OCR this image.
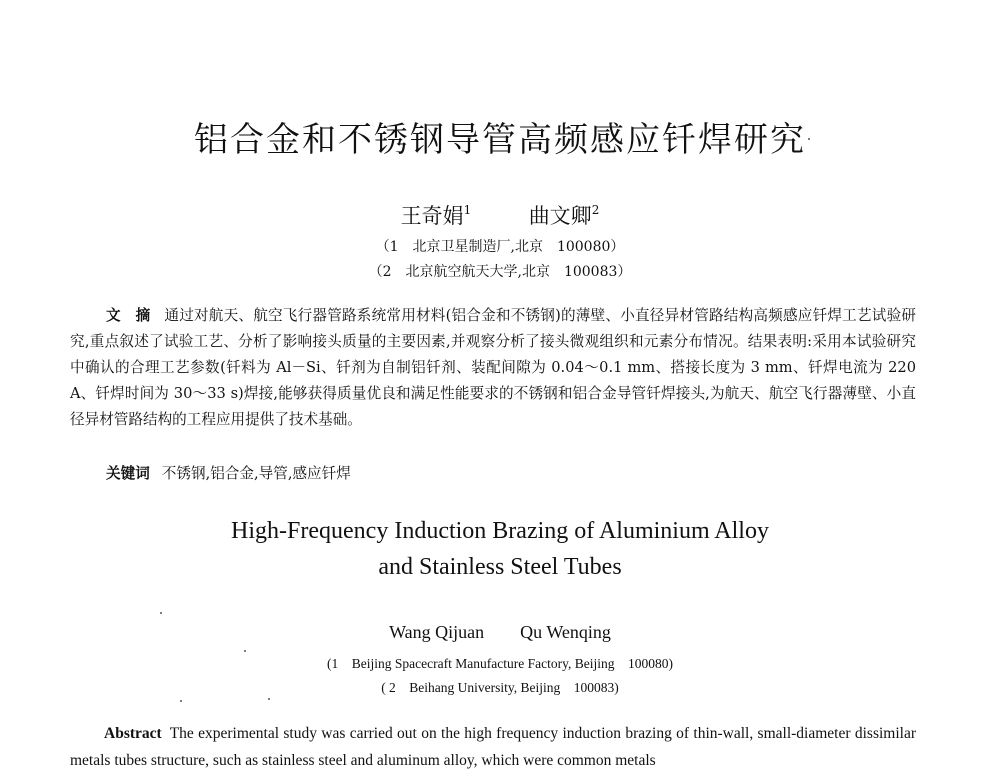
铝合金和不锈钢导管高频感应钎焊研究
王奇娟$^1$	曲文卿$^2$
（1　北京卫星制造厂,北京　100080）
（2　北京航空航天大学,北京　100083）
文　摘 通过对航天、航空飞行器管路系统常用材料(铝合金和不锈钢)的薄壁、小直径异材管路结构高频感应钎焊工艺试验研究,重点叙述了试验工艺、分析了影响接头质量的主要因素,并观察分析了接头微观组织和元素分布情况。结果表明:采用本试验研究中确认的合理工艺参数(钎料为 Al－Si、钎剂为自制铝钎剂、装配间隙为 0.04～0.1 mm、搭接长度为 3 mm、钎焊电流为 220 A、钎焊时间为 30～33 s)焊接,能够获得质量优良和满足性能要求的不锈钢和铝合金导管钎焊接头,为航天、航空飞行器薄壁、小直径异材管路结构的工程应用提供了技术基础。
关键词 不锈钢,铝合金,导管,感应钎焊
High-Frequency Induction Brazing of Aluminium Alloy
and Stainless Steel Tubes
Wang Qijuan Qu Wenqing
(1　Beijing Spacecraft Manufacture Factory, Beijing　100080)
( 2　Beihang University, Beijing　100083)
Abstract The experimental study was carried out on the high frequency induction brazing of thin-wall, small-diameter dissimilar metals tubes structure, such as stainless steel and aluminum alloy, which were common metals
